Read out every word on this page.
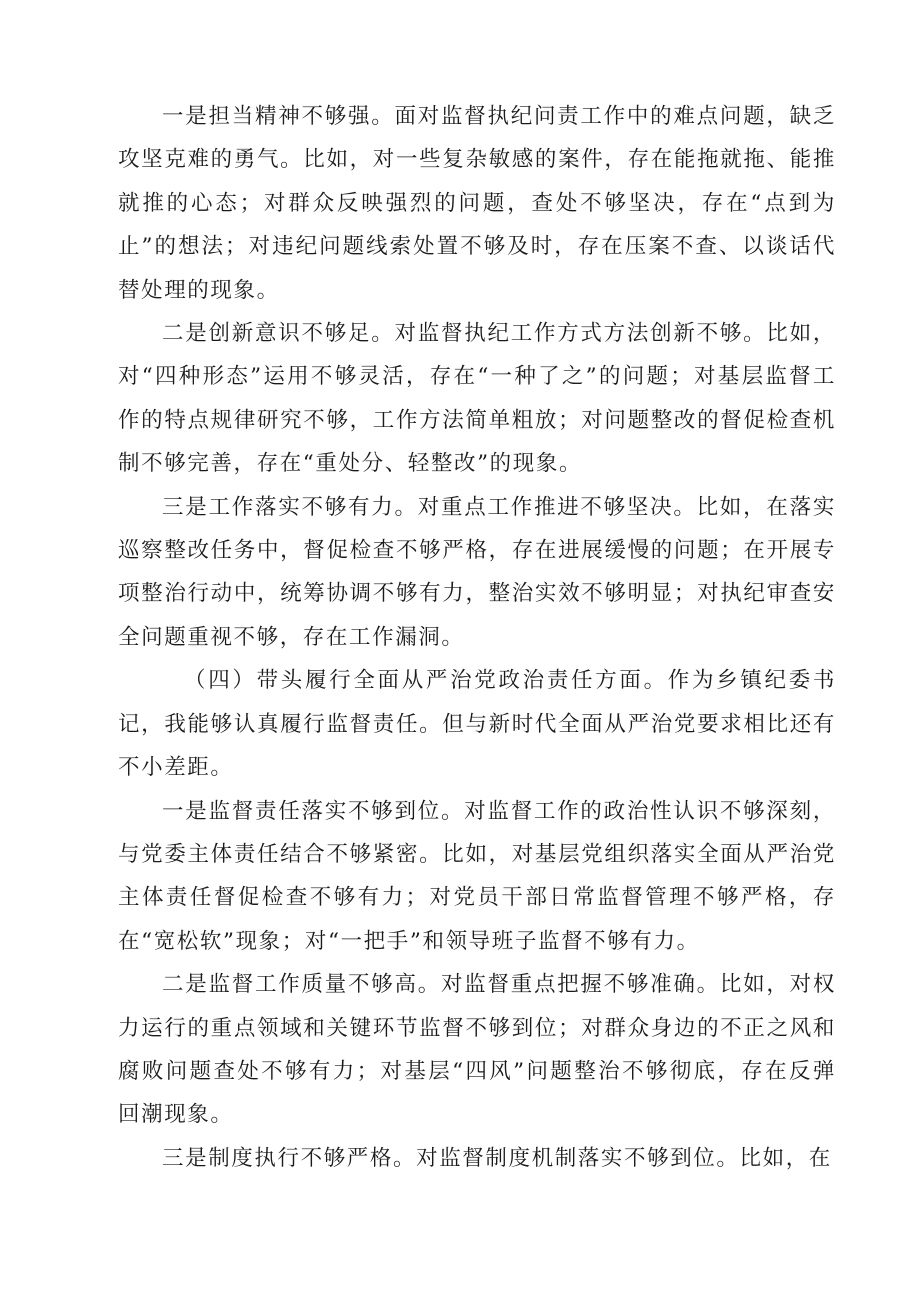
一是担当精神不够强。面对监督执纪问责工作中的难点问题，缺乏攻坚克难的勇气。比如，对一些复杂敏感的案件，存在能拖就拖、能推就推的心态；对群众反映强烈的问题，查处不够坚决，存在“点到为止”的想法；对违纪问题线索处置不够及时，存在压案不查、以谈话代替处理的现象。

二是创新意识不够足。对监督执纪工作方式方法创新不够。比如，对“四种形态”运用不够灵活，存在“一种了之”的问题；对基层监督工作的特点规律研究不够，工作方法简单粗放；对问题整改的督促检查机制不够完善，存在“重处分、轻整改”的现象。

三是工作落实不够有力。对重点工作推进不够坚决。比如，在落实巡察整改任务中，督促检查不够严格，存在进展缓慢的问题；在开展专项整治行动中，统筹协调不够有力，整治实效不够明显；对执纪审查安全问题重视不够，存在工作漏洞。

（四）带头履行全面从严治党政治责任方面。作为乡镇纪委书记，我能够认真履行监督责任。但与新时代全面从严治党要求相比还有不小差距。

一是监督责任落实不够到位。对监督工作的政治性认识不够深刻，与党委主体责任结合不够紧密。比如，对基层党组织落实全面从严治党主体责任督促检查不够有力；对党员干部日常监督管理不够严格，存在“宽松软”现象；对“一把手”和领导班子监督不够有力。

二是监督工作质量不够高。对监督重点把握不够准确。比如，对权力运行的重点领域和关键环节监督不够到位；对群众身边的不正之风和腐败问题查处不够有力；对基层“四风”问题整治不够彻底，存在反弹回潮现象。

三是制度执行不够严格。对监督制度机制落实不够到位。比如，在
